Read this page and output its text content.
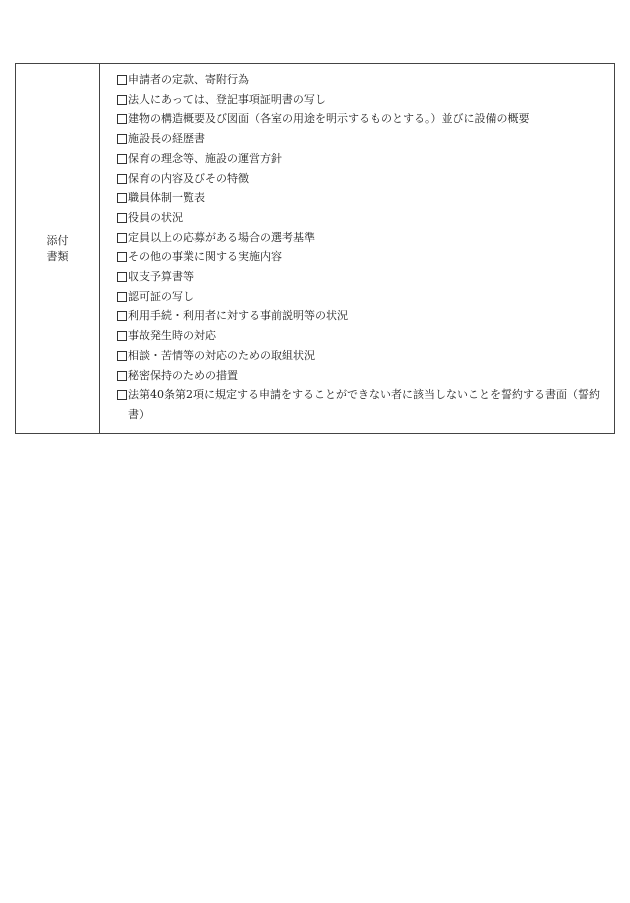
添付
書類
申請者の定款、寄附行為
法人にあっては、登記事項証明書の写し
建物の構造概要及び図面（各室の用途を明示するものとする。）並びに設備の概要
施設長の経歴書
保育の理念等、施設の運営方針
保育の内容及びその特徴
職員体制一覧表
役員の状況
定員以上の応募がある場合の選考基準
その他の事業に関する実施内容
収支予算書等
認可証の写し
利用手続・利用者に対する事前説明等の状況
事故発生時の対応
相談・苦情等の対応のための取組状況
秘密保持のための措置
法第40条第2項に規定する申請をすることができない者に該当しないことを誓約する書面（誓約書）
